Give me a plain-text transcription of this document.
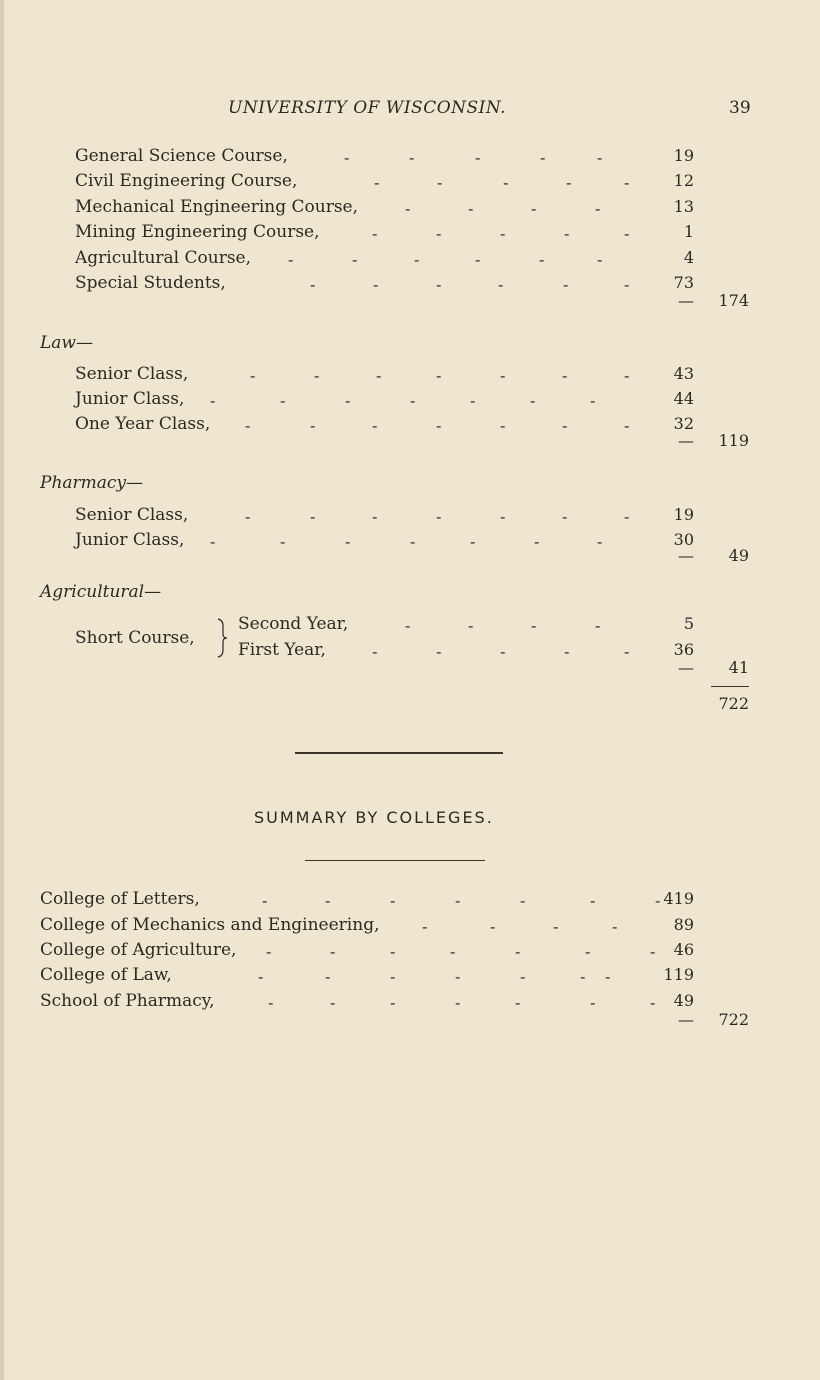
UNIVERSITY OF WISCONSIN.	39
General Science Course,	19
Civil Engineering Course,	12
Mechanical Engineering Course,	13
Mining Engineering Course,	1
Agricultural Course,	4
Special Students,	73
—	174
Law—
Senior Class,	43
Junior Class,	44
One Year Class,	32
—	119
Pharmacy—
Senior Class,	19
Junior Class,	30
—	49
Agricultural—
Short Course,
Second Year,	5
First Year,	36
—	41
722
SUMMARY BY COLLEGES.
College of Letters,	419
College of Mechanics and Engineering,	89
College of Agriculture,	46
College of Law,	119
School of Pharmacy,	49
—	722
-	-	-	-	-
-	-	-	-	-
-	-	-	-
-	-	-	-	-
-	-	-	-	-	-
-	-	-	-	-	-
-	-	-	-	-	-	-
-	-	-	-	-	-	-
-	-	-	-	-	-	-
-	-	-	-	-	-	-
-	-	-	-	-	-	-
-	-	-	-
-	-	-	-	-
-	-	-	-	-	-	-
-	-	-	-
-	-	-	-	-	-	-
-	-	-	-	-	- -
-	-	-	-	-	-	-
